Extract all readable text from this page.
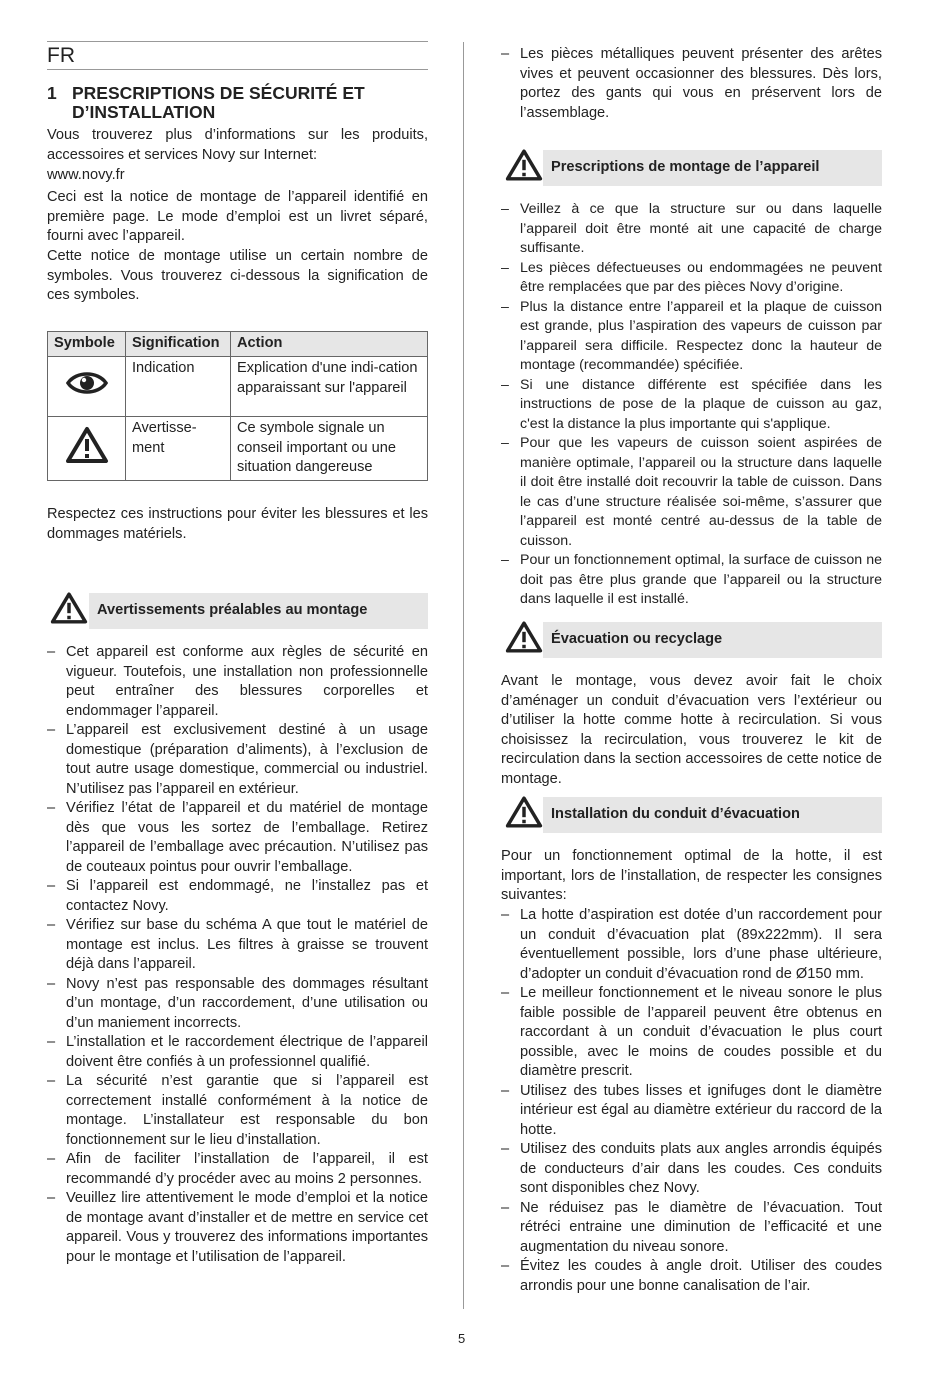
FR
1 PRESCRIPTIONS DE SÉCURITÉ ET
D’INSTALLATION
Vous trouverez plus d’informations sur les produits, accessoires et services Novy sur Internet:
www.novy.fr
Ceci est la notice de montage de l’appareil identifié en première page. Le mode d’emploi est un livret séparé, fourni avec l’appareil.
Cette notice de montage utilise un certain nombre de symboles. Vous trouverez ci-dessous la signification de ces symboles.
Symbole	Signification	Action
	Indication	Explication d'une indi-cation apparaissant sur l'appareil
	Avertisse-ment	Ce symbole signale un conseil important ou une situation dangereuse
Respectez ces instructions pour éviter les blessures et les dommages matériels.
Avertissements préalables au montage
– Cet appareil est conforme aux règles de sécurité en vigueur. Toutefois, une installation non professionnelle peut entraîner des blessures corporelles et endommager l’appareil.
– L’appareil est exclusivement destiné à un usage domestique (préparation d’aliments), à l’exclusion de tout autre usage domestique, commercial ou industriel. N’utilisez pas l’appareil en extérieur.
– Vérifiez l’état de l’appareil et du matériel de montage dès que vous les sortez de l’emballage. Retirez l’appareil de l’emballage avec précaution. N’utilisez pas de couteaux pointus pour ouvrir l’emballage.
– Si l’appareil est endommagé, ne l’installez pas et contactez Novy.
– Vérifiez sur base du schéma A que tout le matériel de montage est inclus. Les filtres à graisse se trouvent déjà dans l’appareil.
– Novy n’est pas responsable des dommages résultant d’un montage, d’un raccordement, d’une utilisation ou d’un maniement incorrects.
– L’installation et le raccordement électrique de l’appareil doivent être confiés à un professionnel qualifié.
– La sécurité n’est garantie que si l’appareil est correctement installé conformément à la notice de montage. L’installateur est responsable du bon fonctionnement sur le lieu d’installation.
– Afin de faciliter l’installation de l’appareil, il est recommandé d’y procéder avec au moins 2 personnes.
– Veuillez lire attentivement le mode d’emploi et la notice de montage avant d’installer et de mettre en service cet appareil. Vous y trouverez des informations importantes pour le montage et l’utilisation de l’appareil.
– Les pièces métalliques peuvent présenter des arêtes vives et peuvent occasionner des blessures. Dès lors, portez des gants qui vous en préservent lors de l’assemblage.
Prescriptions de montage de l’appareil
– Veillez à ce que la structure sur ou dans laquelle l’appareil doit être monté ait une capacité de charge suffisante.
– Les pièces défectueuses ou endommagées ne peuvent être remplacées que par des pièces Novy d’origine.
– Plus la distance entre l’appareil et la plaque de cuisson est grande, plus l’aspiration des vapeurs de cuisson par l’appareil sera difficile. Respectez donc la hauteur de montage (recommandée) spécifiée.
– Si une distance différente est spécifiée dans les instructions de pose de la plaque de cuisson au gaz, c'est la distance la plus importante qui s'applique.
– Pour que les vapeurs de cuisson soient aspirées de manière optimale, l’appareil ou la structure dans laquelle il doit être installé doit recouvrir la table de cuisson. Dans le cas d’une structure réalisée soi-même, s’assurer que l’appareil est monté centré au-dessus de la table de cuisson.
– Pour un fonctionnement optimal, la surface de cuisson ne doit pas être plus grande que l’appareil ou la structure dans laquelle il est installé.
Évacuation ou recyclage
Avant le montage, vous devez avoir fait le choix d’aménager un conduit d’évacuation vers l’extérieur ou d’utiliser la hotte comme hotte à recirculation. Si vous choisissez la recirculation, vous trouverez le kit de recirculation dans la section accessoires de cette notice de montage.
Installation du conduit d’évacuation
Pour un fonctionnement optimal de la hotte, il est important, lors de l’installation, de respecter les consignes suivantes:
– La hotte d’aspiration est dotée d’un raccordement pour un conduit d’évacuation plat (89x222mm). Il sera éventuellement possible, lors d’une phase ultérieure, d’adopter un conduit d’évacuation rond de Ø150 mm.
– Le meilleur fonctionnement et le niveau sonore le plus faible possible de l’appareil peuvent être obtenus en raccordant à un conduit d’évacuation le plus court possible, avec le moins de coudes possible et du diamètre prescrit.
– Utilisez des tubes lisses et ignifuges dont le diamètre intérieur est égal au diamètre extérieur du raccord de la hotte.
– Utilisez des conduits plats aux angles arrondis équipés de conducteurs d’air dans les coudes. Ces conduits sont disponibles chez Novy.
– Ne réduisez pas le diamètre de l’évacuation. Tout rétréci entraine une diminution de l’efficacité et une augmentation du niveau sonore.
– Évitez les coudes à angle droit. Utiliser des coudes arrondis pour une bonne canalisation de l’air.
5
